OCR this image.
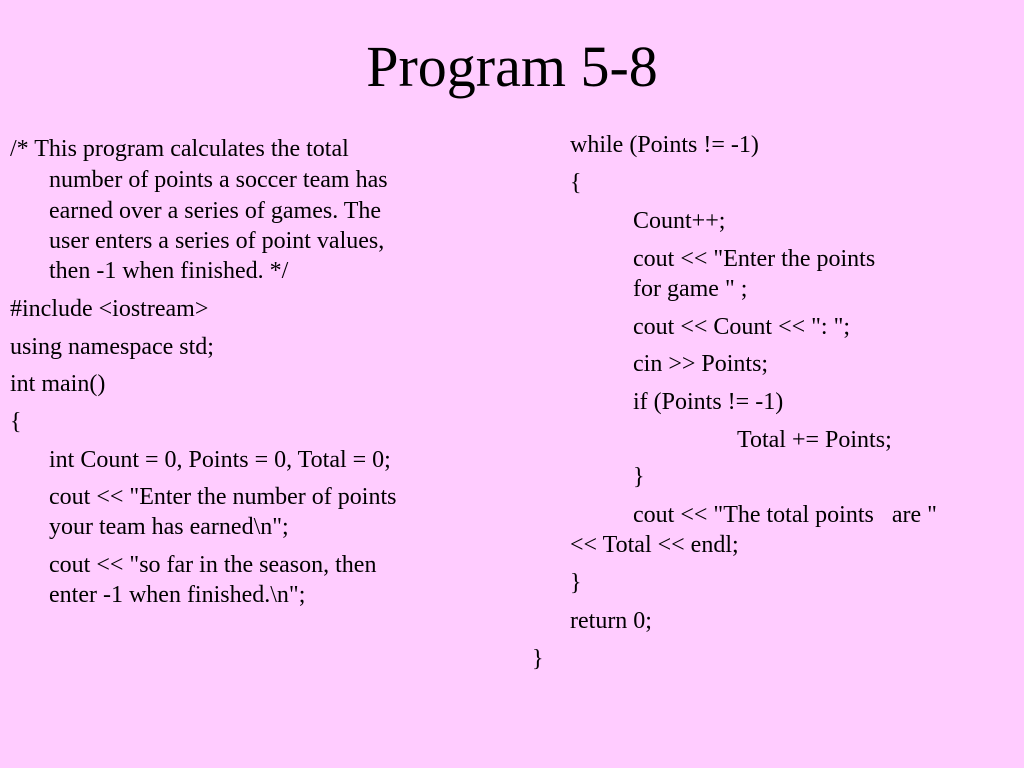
Program 5-8
/* This program calculates the total
number of points a soccer team has
earned over a series of games. The
user enters a series of point values,
then -1 when finished. */
#include <iostream>
using namespace std;
int main()
{
int Count = 0, Points = 0, Total = 0;
cout << "Enter the number of points
your team has earned\n";
cout << "so far in the season, then
enter -1 when finished.\n";
while (Points != -1)
{
Count++;
cout << "Enter the points
for game " ;
cout << Count << ": ";
cin >> Points;
if (Points != -1)
Total += Points;
}
cout << "The total points   are "
<< Total << endl;
}
return 0;
}
